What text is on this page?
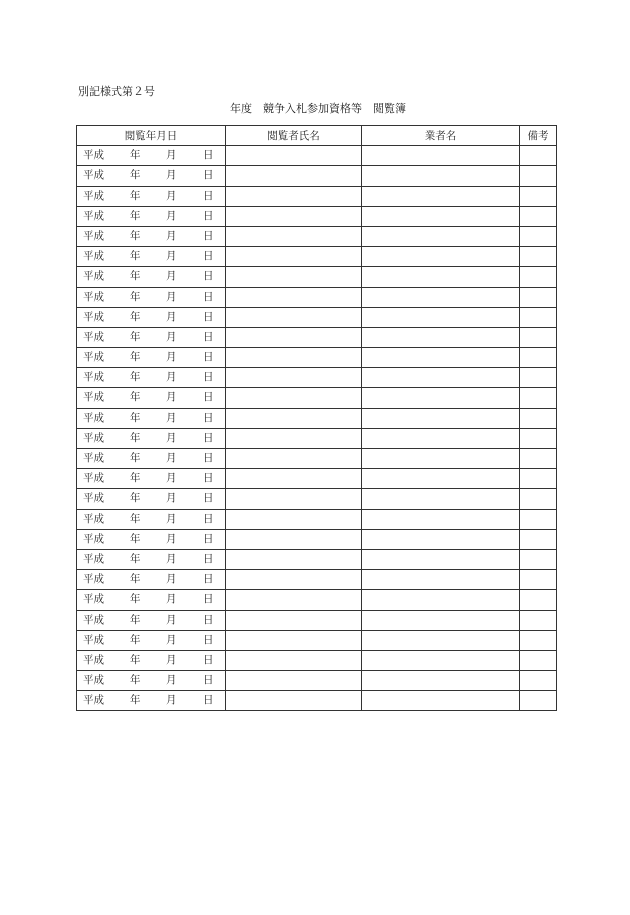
別記様式第２号
年度　競争入札参加資格等　閲覧簿
閲覧年月日	閲覧者氏名	業者名	備考

平成 年 月 日			

平成 年 月 日			

平成 年 月 日			

平成 年 月 日			

平成 年 月 日			

平成 年 月 日			

平成 年 月 日			

平成 年 月 日			

平成 年 月 日			

平成 年 月 日			

平成 年 月 日			

平成 年 月 日			

平成 年 月 日			

平成 年 月 日			

平成 年 月 日			

平成 年 月 日			

平成 年 月 日			

平成 年 月 日			

平成 年 月 日			

平成 年 月 日			

平成 年 月 日			

平成 年 月 日			

平成 年 月 日			

平成 年 月 日			

平成 年 月 日			

平成 年 月 日			

平成 年 月 日			

平成 年 月 日			
